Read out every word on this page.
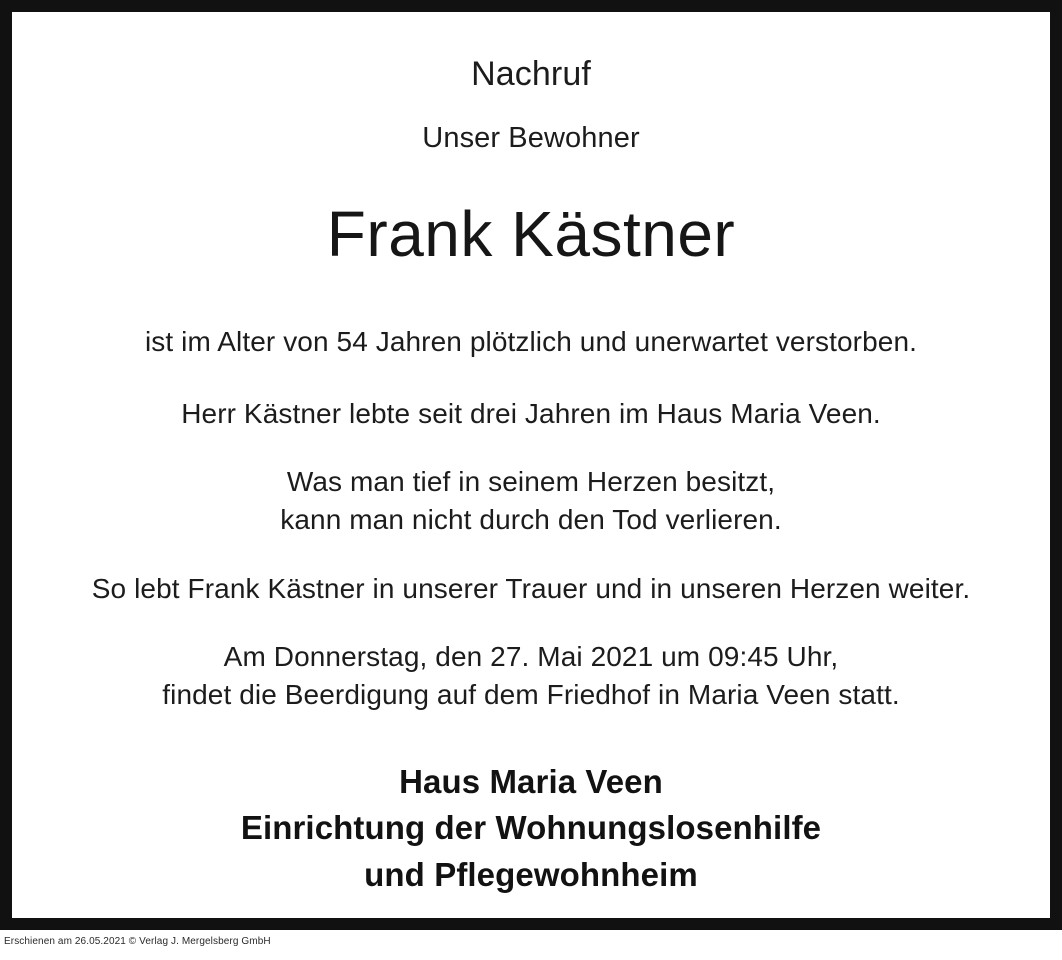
Nachruf
Unser Bewohner
Frank Kästner
ist im Alter von 54 Jahren plötzlich und unerwartet verstorben.
Herr Kästner lebte seit drei Jahren im Haus Maria Veen.
Was man tief in seinem Herzen besitzt,
kann man nicht durch den Tod verlieren.
So lebt Frank Kästner in unserer Trauer und in unseren Herzen weiter.
Am Donnerstag, den 27. Mai 2021 um 09:45 Uhr,
findet die Beerdigung auf dem Friedhof in Maria Veen statt.
Haus Maria Veen
Einrichtung der Wohnungslosenhilfe
und Pflegewohnheim
Erschienen am 26.05.2021 © Verlag J. Mergelsberg GmbH
